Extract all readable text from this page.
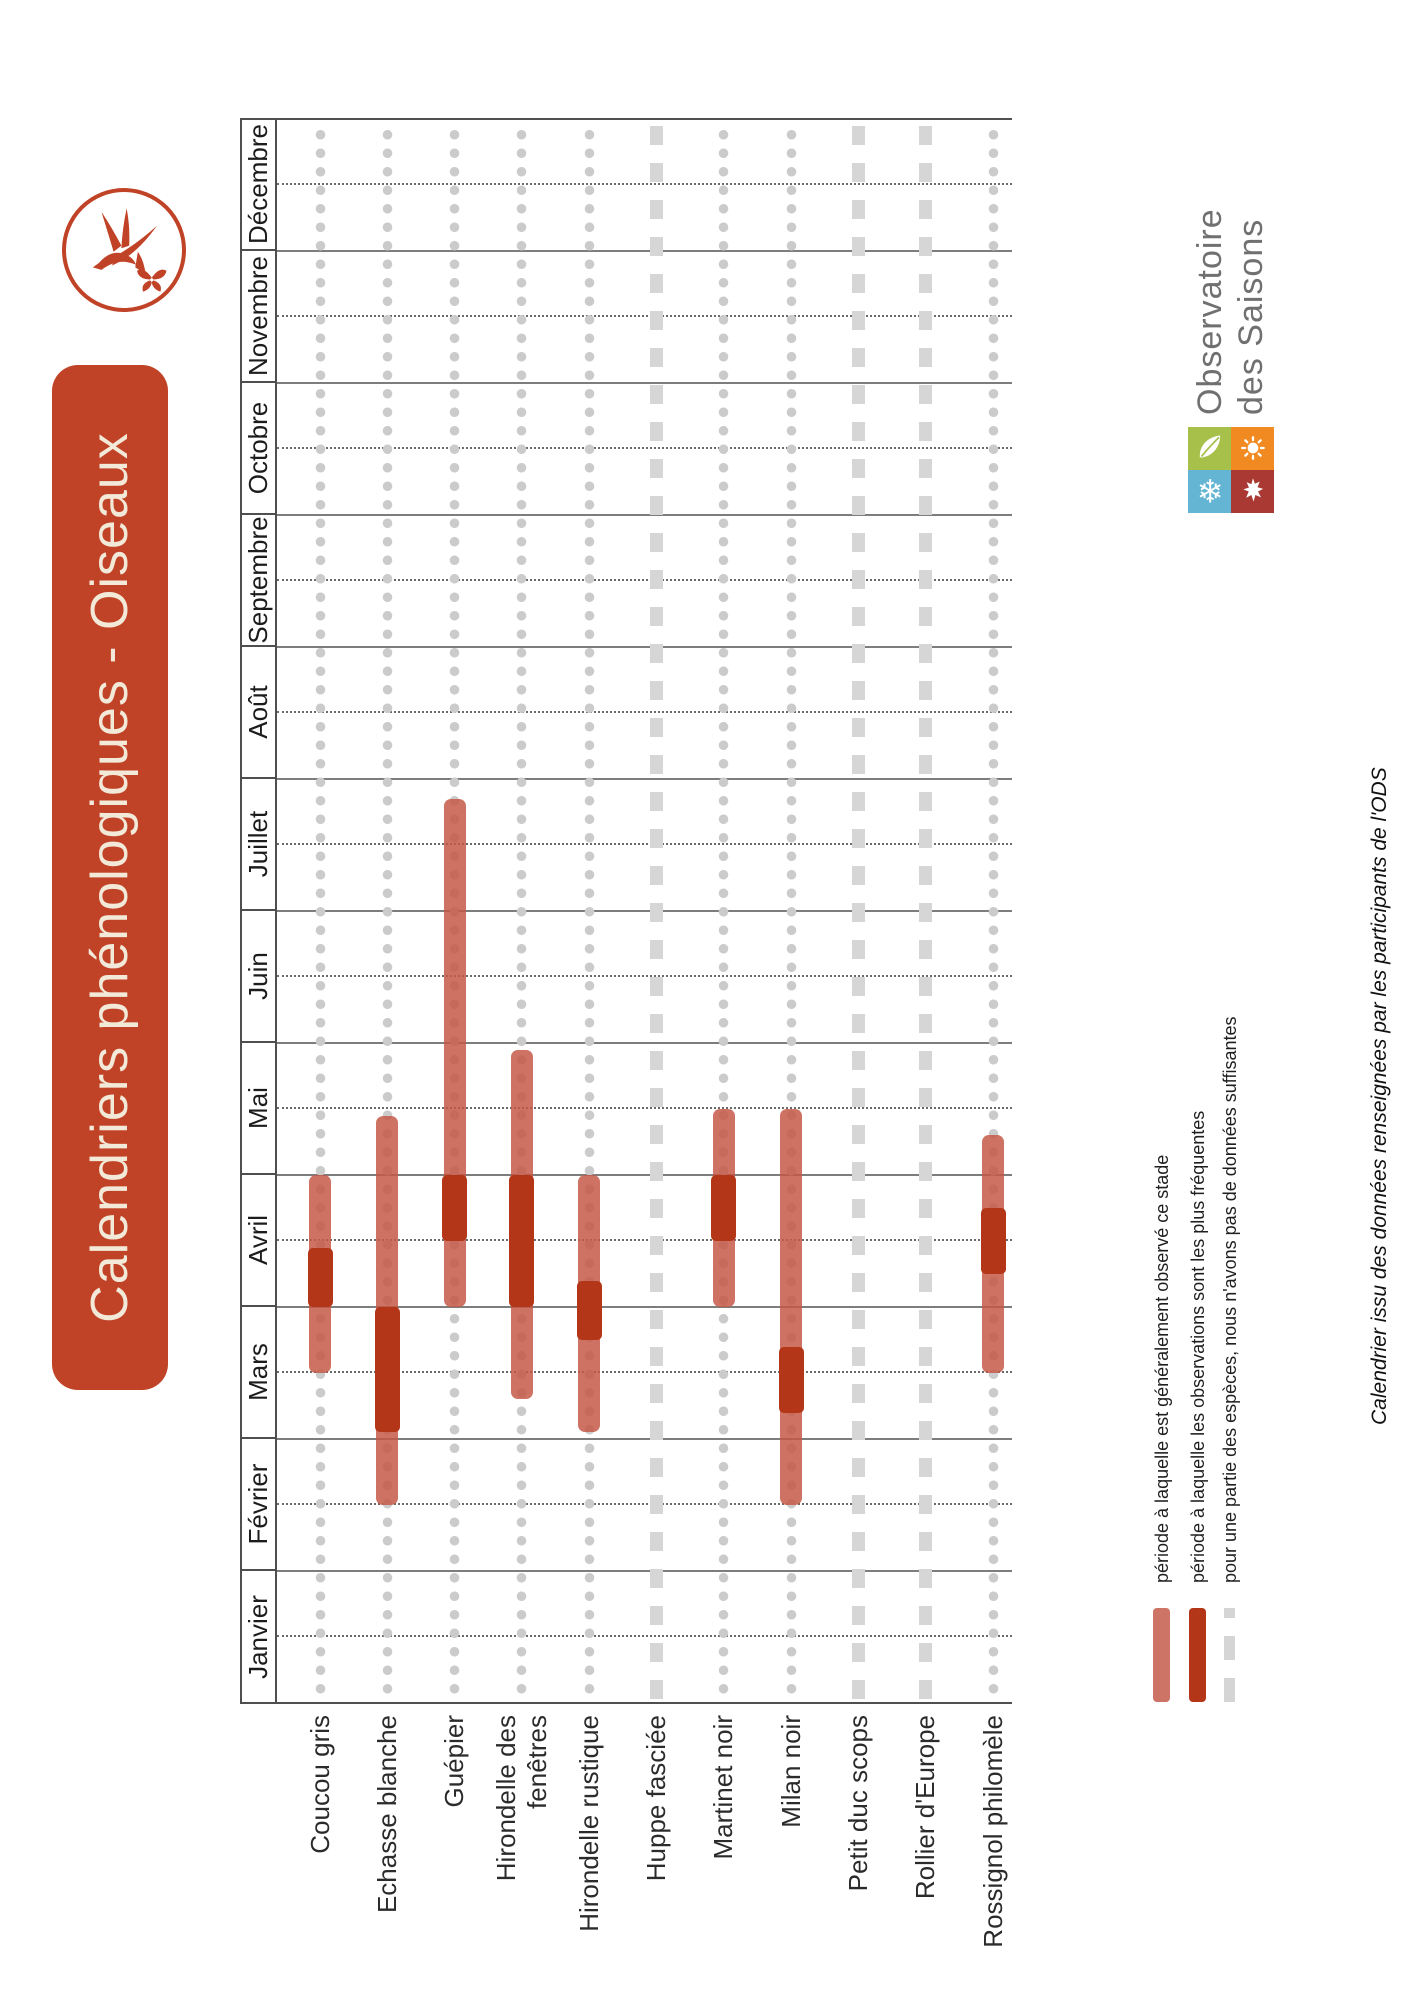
Calendriers phénologiques - Oiseaux
Janvier
Février
Mars
Avril
Mai
Juin
Juillet
Août
Septembre
Octobre
Novembre
Décembre
Coucou gris Echasse blanche Guépier Hirondelle des
fenêtres Hirondelle rustique Huppe fasciée Martinet noir Milan noir Petit duc scops Rollier d'Europe Rossignol philomèle
période à laquelle est généralement observé ce stade période à laquelle les observations sont les plus fréquentes pour une partie des espèces, nous n'avons pas de données suffisantes
❄
Observatoire
des Saisons
Calendrier issu des données renseignées par les participants de l'ODS
